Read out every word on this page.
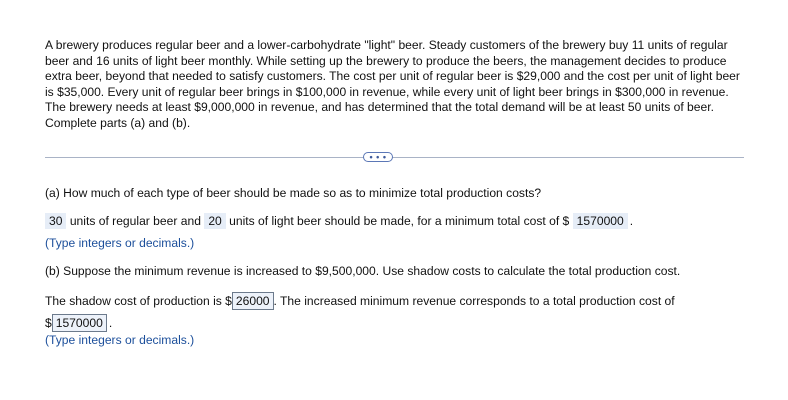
A brewery produces regular beer and a lower-carbohydrate "light" beer. Steady customers of the brewery buy 11 units of regular beer and 16 units of light beer monthly. While setting up the brewery to produce the beers, the management decides to produce extra beer, beyond that needed to satisfy customers. The cost per unit of regular beer is $29,000 and the cost per unit of light beer is $35,000. Every unit of regular beer brings in $100,000 in revenue, while every unit of light beer brings in $300,000 in revenue. The brewery needs at least $9,000,000 in revenue, and has determined that the total demand will be at least 50 units of beer. Complete parts (a) and (b).

• • •

(a) How much of each type of beer should be made so as to minimize total production costs?

30 units of regular beer and 20 units of light beer should be made, for a minimum total cost of $ 1570000 .

(Type integers or decimals.)

(b) Suppose the minimum revenue is increased to $9,500,000. Use shadow costs to calculate the total production cost.

The shadow cost of production is $ 26000 . The increased minimum revenue corresponds to a total production cost of

$ 1570000 .

(Type integers or decimals.)
